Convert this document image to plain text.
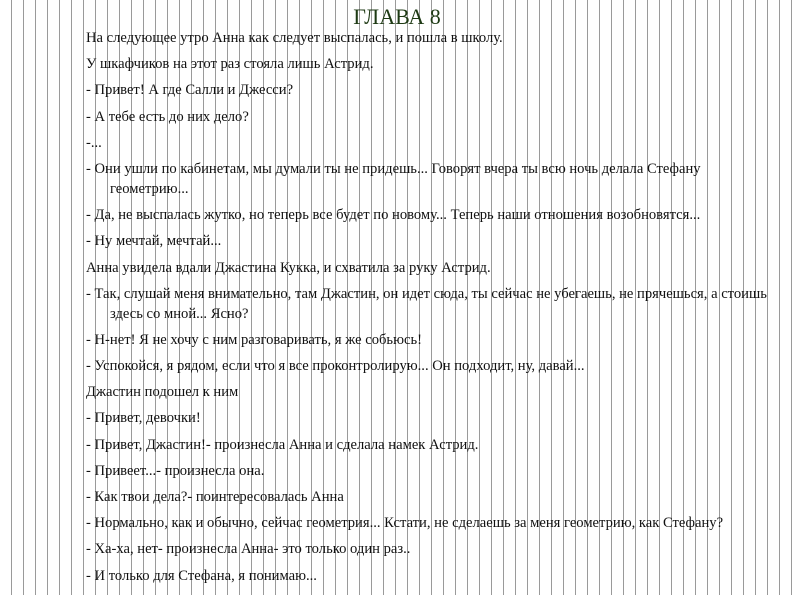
ГЛАВА 8

На следующее утро Анна как следует выспалась, и пошла в школу.

У шкафчиков на этот раз стояла лишь Астрид.

- Привет! А где Салли и Джесси?

- А тебе есть до них дело?

-...

- Они ушли по кабинетам, мы думали ты не придешь... Говорят вчера ты всю ночь делала Стефану геометрию...

- Да, не выспалась жутко, но теперь все будет по новому... Теперь наши отношения возобновятся...

- Ну мечтай, мечтай...

Анна увидела вдали Джастина Кукка, и схватила за руку Астрид.

- Так, слушай меня внимательно, там Джастин, он идет сюда, ты сейчас не убегаешь, не прячешься, а стоишь здесь со мной... Ясно?

- Н-нет! Я не хочу с ним разговаривать, я же собьюсь!

- Успокойся, я рядом, если что я все проконтролирую... Он подходит, ну, давай...

Джастин подошел к ним

- Привет, девочки!

- Привет, Джастин!- произнесла Анна и сделала намек Астрид.

- Привеет...- произнесла она.

- Как твои дела?- поинтересовалась Анна

- Нормально, как и обычно, сейчас геометрия... Кстати, не сделаешь за меня геометрию, как Стефану?

- Ха-ха, нет- произнесла Анна- это только один раз..

- И только для Стефана, я понимаю...
